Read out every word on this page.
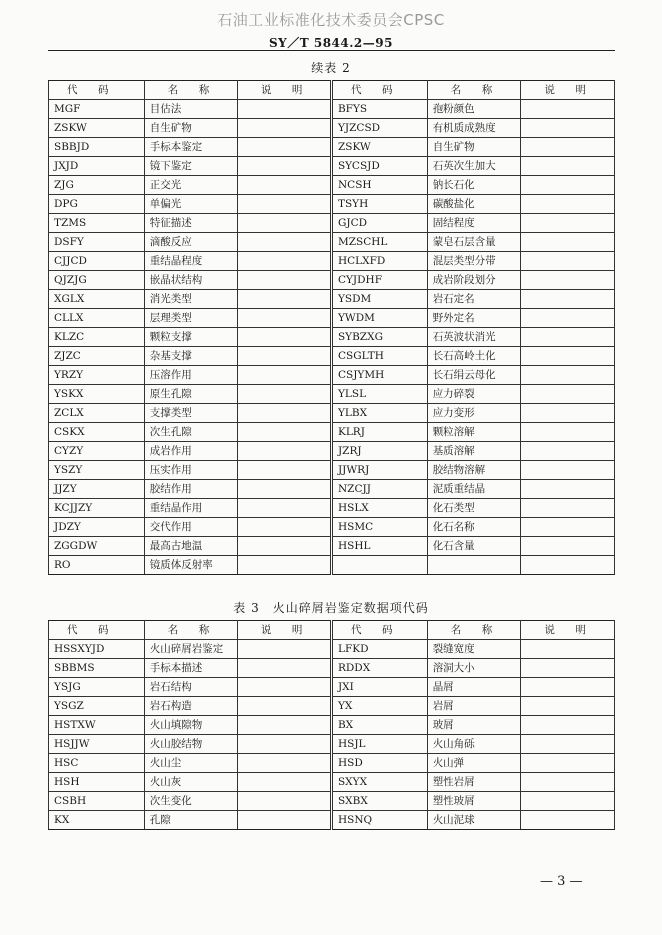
石油工业标准化技术委员会CPSC
SY／T 5844.2—95
续表 2
代　码	名　称	说　明	代　码	名　称	说　明
MGF	目估法		BFYS	孢粉颜色	
ZSKW	自生矿物		YJZCSD	有机质成熟度	
SBBJD	手标本鉴定		ZSKW	自生矿物	
JXJD	镜下鉴定		SYCSJD	石英次生加大	
ZJG	正交光		NCSH	钠长石化	
DPG	单偏光		TSYH	碳酸盐化	
TZMS	特征描述		GJCD	固结程度	
DSFY	滴酸反应		MZSCHL	蒙皂石层含量	
CJJCD	重结晶程度		HCLXFD	混层类型分带	
QJZJG	嵌晶状结构		CYJDHF	成岩阶段划分	
XGLX	消光类型		YSDM	岩石定名	
CLLX	层理类型		YWDM	野外定名	
KLZC	颗粒支撑		SYBZXG	石英波状消光	
ZJZC	杂基支撑		CSGLTH	长石高岭土化	
YRZY	压溶作用		CSJYMH	长石绢云母化	
YSKX	原生孔隙		YLSL	应力碎裂	
ZCLX	支撑类型		YLBX	应力变形	
CSKX	次生孔隙		KLRJ	颗粒溶解	
CYZY	成岩作用		JZRJ	基质溶解	
YSZY	压实作用		JJWRJ	胶结物溶解	
JJZY	胶结作用		NZCJJ	泥质重结晶	
KCJJZY	重结晶作用		HSLX	化石类型	
JDZY	交代作用		HSMC	化石名称	
ZGGDW	最高古地温		HSHL	化石含量	
RO	镜质体反射率				
表 3　火山碎屑岩鉴定数据项代码
代　码	名　称	说　明	代　码	名　称	说　明
HSSXYJD	火山碎屑岩鉴定		LFKD	裂缝宽度	
SBBMS	手标本描述		RDDX	溶洞大小	
YSJG	岩石结构		JXI	晶屑	
YSGZ	岩石构造		YX	岩屑	
HSTXW	火山填隙物		BX	玻屑	
HSJJW	火山胶结物		HSJL	火山角砾	
HSC	火山尘		HSD	火山弹	
HSH	火山灰		SXYX	塑性岩屑	
CSBH	次生变化		SXBX	塑性玻屑	
KX	孔隙		HSNQ	火山泥球	
— 3 —
